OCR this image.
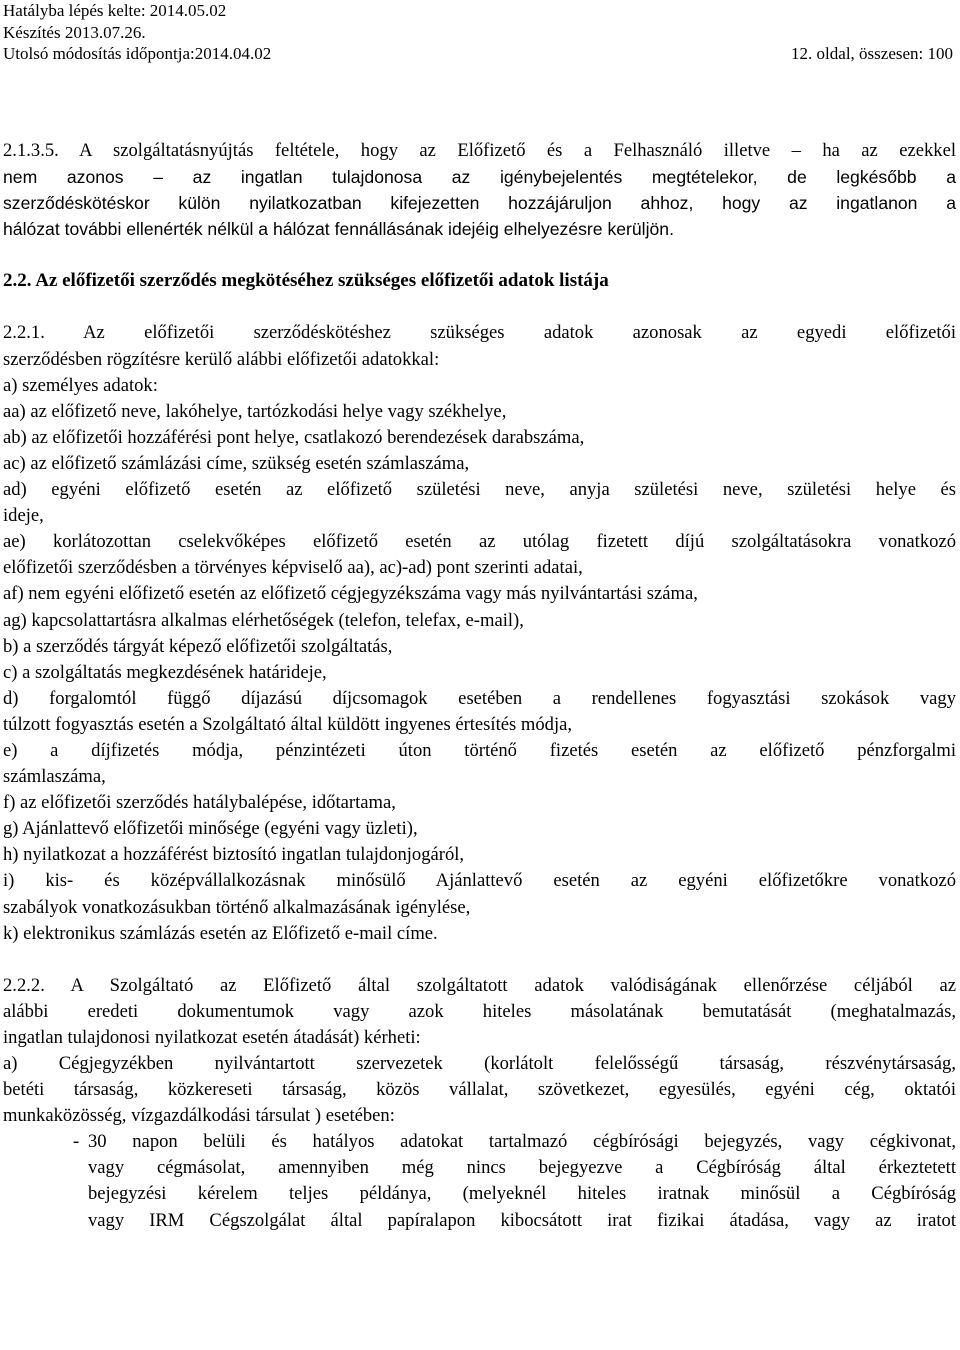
Hatályba lépés kelte: 2014.05.02
Készítés 2013.07.26.
Utolsó módosítás időpontja:2014.04.02	12. oldal, összesen: 100
2.1.3.5. A szolgáltatásnyújtás feltétele, hogy az Előfizető és a Felhasználó illetve – ha az ezekkel
nem azonos – az ingatlan tulajdonosa az igénybejelentés megtételekor, de legkésőbb a
szerződéskötéskor külön nyilatkozatban kifejezetten hozzájáruljon ahhoz, hogy az ingatlanon a
hálózat további ellenérték nélkül a hálózat fennállásának idejéig elhelyezésre kerüljön.
2.2. Az előfizetői szerződés megkötéséhez szükséges előfizetői adatok listája
2.2.1. Az előfizetői szerződéskötéshez szükséges adatok azonosak az egyedi előfizetői
szerződésben rögzítésre kerülő alábbi előfizetői adatokkal:
a) személyes adatok:
aa) az előfizető neve, lakóhelye, tartózkodási helye vagy székhelye,
ab) az előfizetői hozzáférési pont helye, csatlakozó berendezések darabszáma,
ac) az előfizető számlázási címe, szükség esetén számlaszáma,
ad) egyéni előfizető esetén az előfizető születési neve, anyja születési neve, születési helye és
ideje,
ae) korlátozottan cselekvőképes előfizető esetén az utólag fizetett díjú szolgáltatásokra vonatkozó
előfizetői szerződésben a törvényes képviselő aa), ac)-ad) pont szerinti adatai,
af) nem egyéni előfizető esetén az előfizető cégjegyzékszáma vagy más nyilvántartási száma,
ag) kapcsolattartásra alkalmas elérhetőségek (telefon, telefax, e-mail),
b) a szerződés tárgyát képező előfizetői szolgáltatás,
c) a szolgáltatás megkezdésének határideje,
d) forgalomtól függő díjazású díjcsomagok esetében a rendellenes fogyasztási szokások vagy
túlzott fogyasztás esetén a Szolgáltató által küldött ingyenes értesítés módja,
e) a díjfizetés módja, pénzintézeti úton történő fizetés esetén az előfizető pénzforgalmi
számlaszáma,
f) az előfizetői szerződés hatálybalépése, időtartama,
g) Ajánlattevő előfizetői minősége (egyéni vagy üzleti),
h) nyilatkozat a hozzáférést biztosító ingatlan tulajdonjogáról,
i) kis- és középvállalkozásnak minősülő Ajánlattevő esetén az egyéni előfizetőkre vonatkozó
szabályok vonatkozásukban történő alkalmazásának igénylése,
k) elektronikus számlázás esetén az Előfizető e-mail címe.
2.2.2. A Szolgáltató az Előfizető által szolgáltatott adatok valódiságának ellenőrzése céljából az
alábbi eredeti dokumentumok vagy azok hiteles másolatának bemutatását (meghatalmazás,
ingatlan tulajdonosi nyilatkozat esetén átadását) kérheti:
a) Cégjegyzékben nyilvántartott szervezetek (korlátolt felelősségű társaság, részvénytársaság,
betéti társaság, közkereseti társaság, közös vállalat, szövetkezet, egyesülés, egyéni cég, oktatói
munkaközösség, vízgazdálkodási társulat ) esetében:
- 30 napon belüli és hatályos adatokat tartalmazó cégbírósági bejegyzés, vagy cégkivonat,
vagy cégmásolat, amennyiben még nincs bejegyezve a Cégbíróság által érkeztetett
bejegyzési kérelem teljes példánya, (melyeknél hiteles iratnak minősül a Cégbíróság
vagy IRM Cégszolgálat által papíralapon kibocsátott irat fizikai átadása, vagy az iratot
